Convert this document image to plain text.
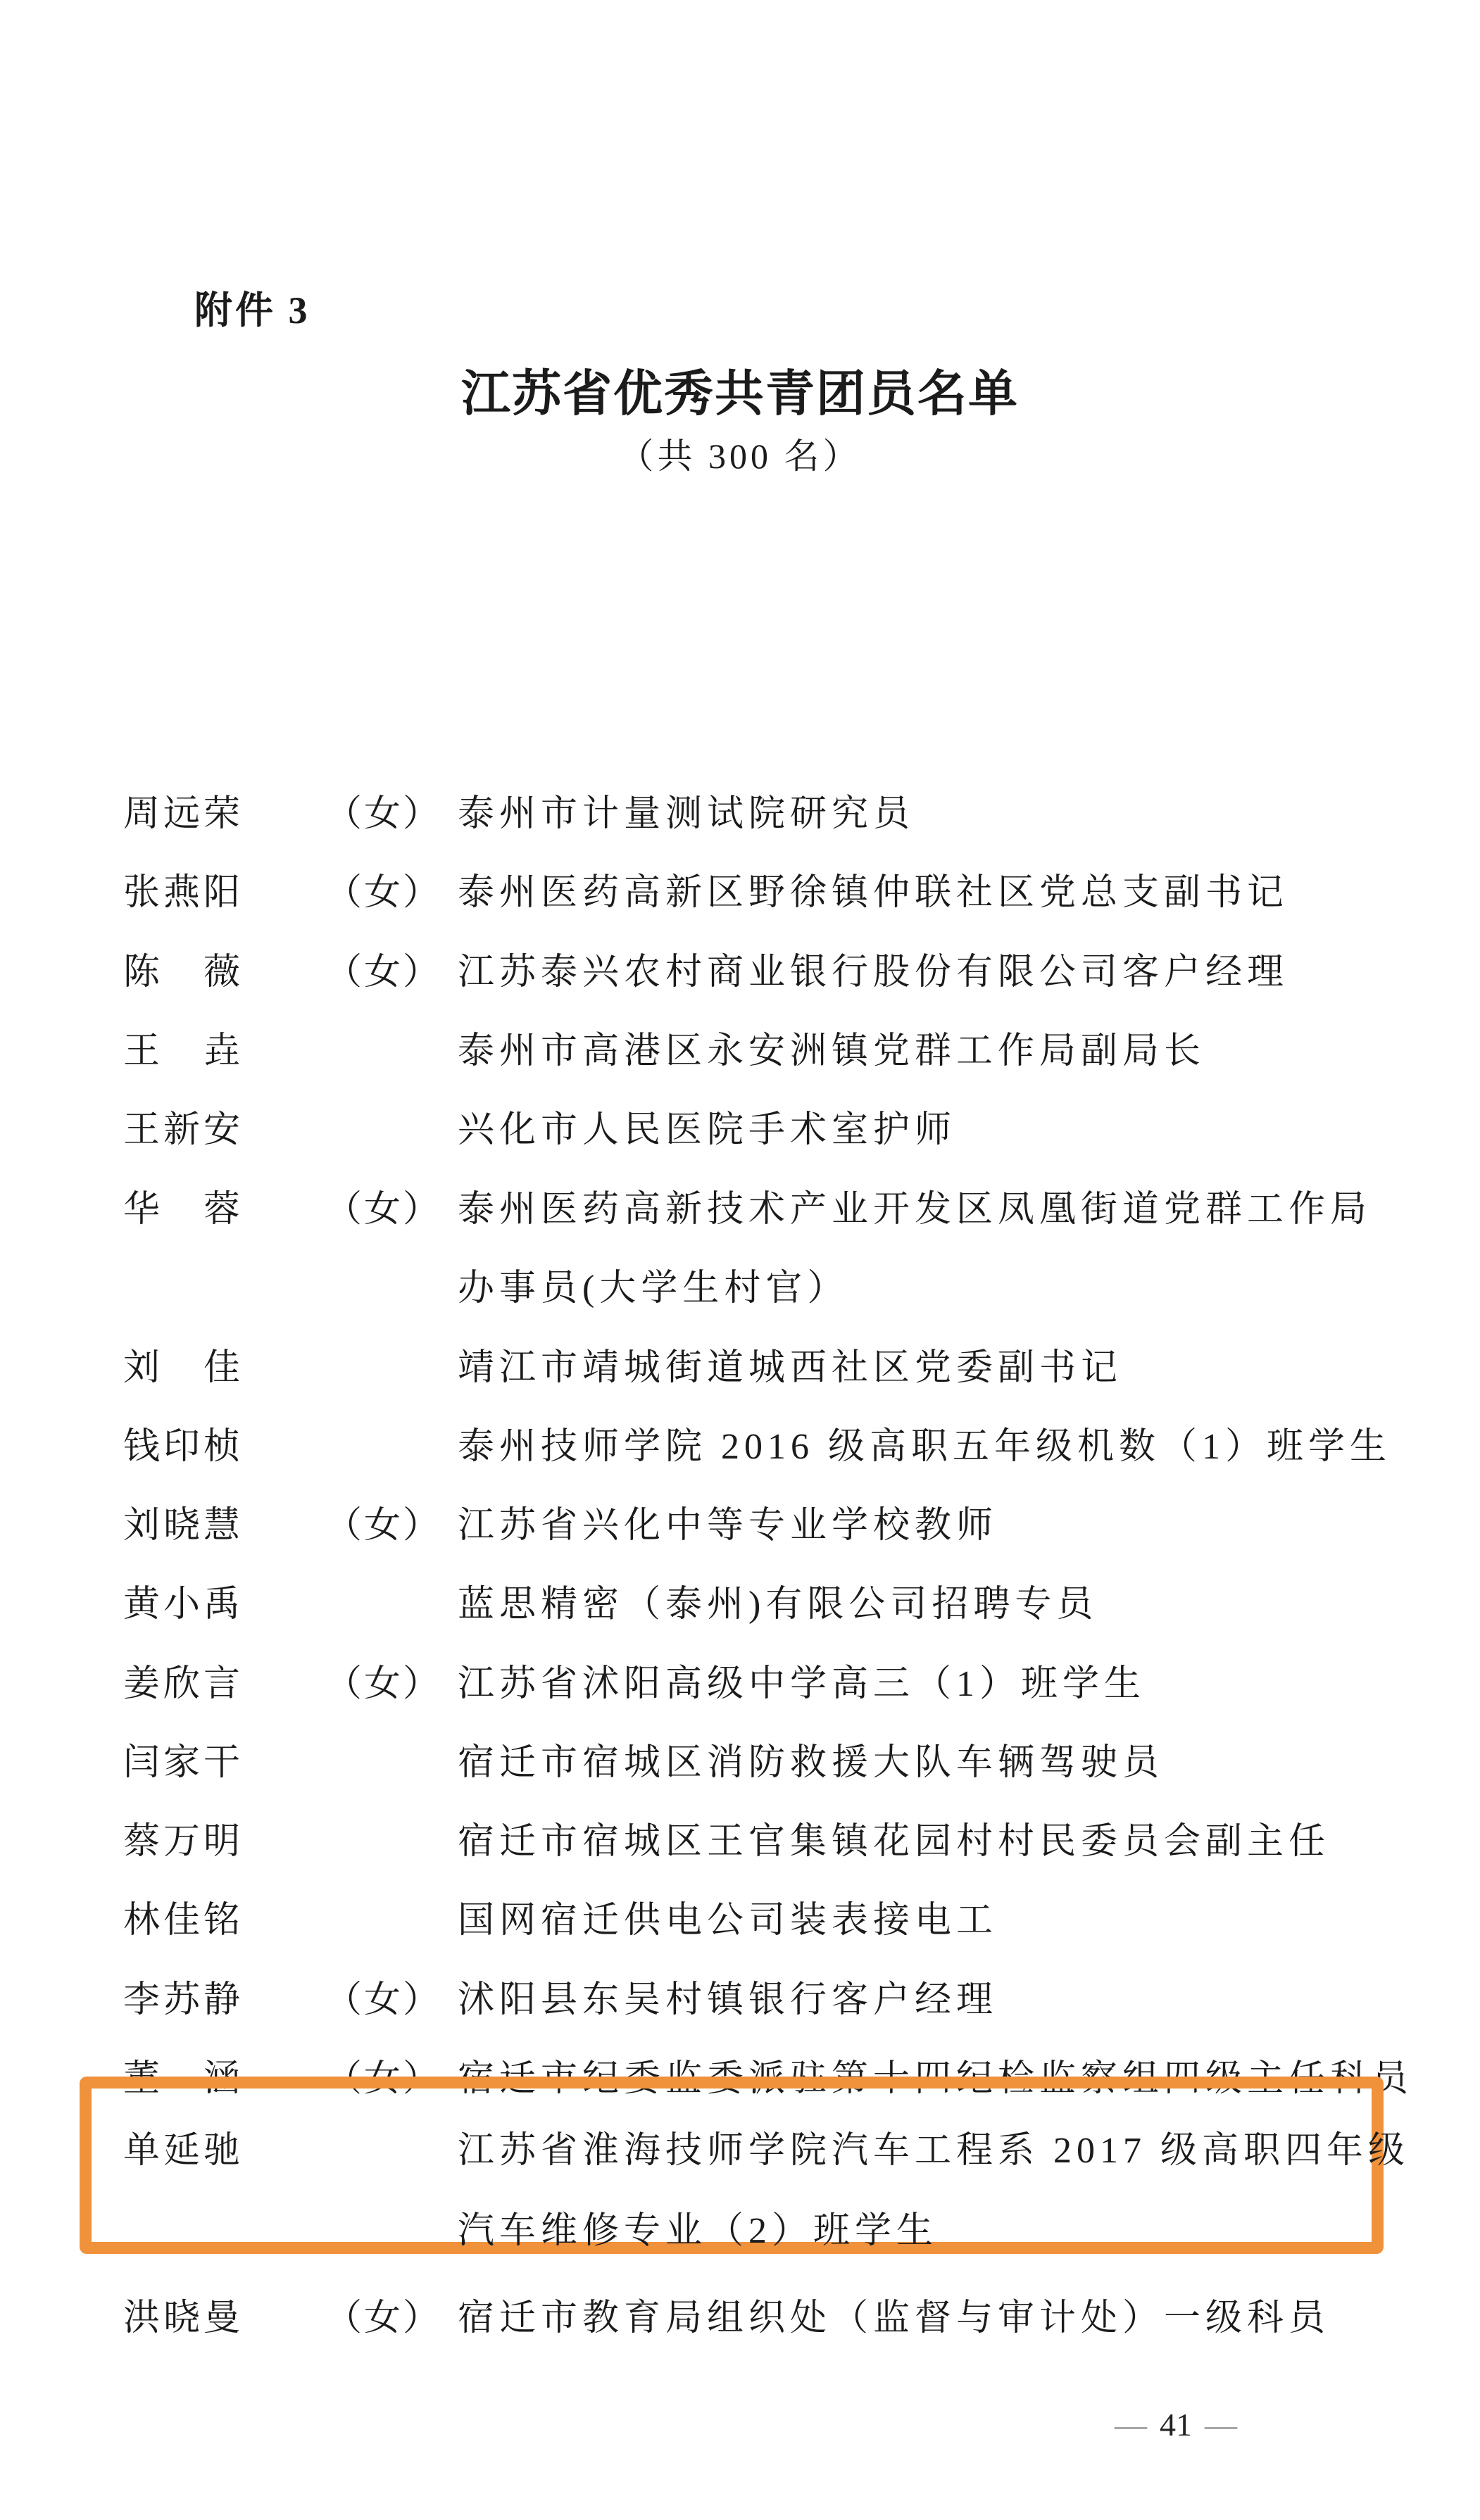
附件 3
江苏省优秀共青团员名单
（共 300 名）
周远荣 （女） 泰州市计量测试院研究员
张燕阳 （女） 泰州医药高新区野徐镇仲联社区党总支副书记
陈薇 （女） 江苏泰兴农村商业银行股份有限公司客户经理
王垚	泰州市高港区永安洲镇党群工作局副局长
王新安	兴化市人民医院手术室护师
华蓉 （女） 泰州医药高新技术产业开发区凤凰街道党群工作局
办事员(大学生村官）
刘佳	靖江市靖城街道城西社区党委副书记
钱印桢	泰州技师学院 2016 级高职五年级机数（1）班学生
刘晓慧 （女） 江苏省兴化中等专业学校教师
黄小禹	蓝思精密（泰州)有限公司招聘专员
姜欣言 （女） 江苏省沭阳高级中学高三（1）班学生
闫家干	宿迁市宿城区消防救援大队车辆驾驶员
蔡万明	宿迁市宿城区王官集镇花园村村民委员会副主任
林佳铭	国网宿迁供电公司装表接电工
李苏静 （女） 沭阳县东吴村镇银行客户经理
董涵 （女） 宿迁市纪委监委派驻第十四纪检监察组四级主任科员
单延驰	江苏省淮海技师学院汽车工程系 2017 级高职四年级
汽车维修专业（2）班学生
洪晓曼 （女） 宿迁市教育局组织处（监督与审计处）一级科员
— 41 —
